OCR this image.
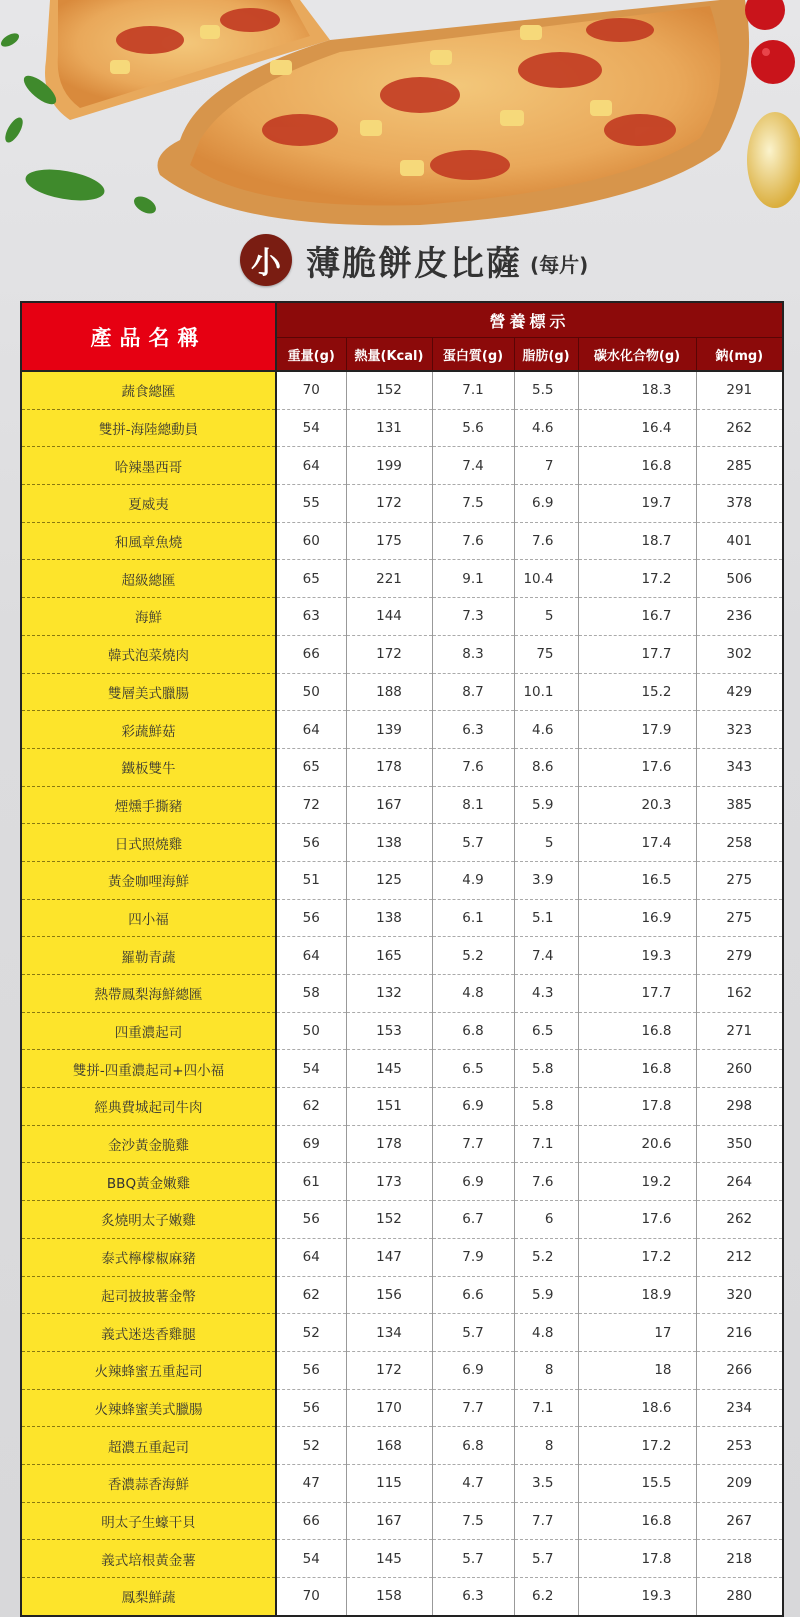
小 薄脆餅皮比薩 (每片)
產品名稱	營養標示					
	重量(g)	熱量(Kcal)	蛋白質(g)	脂肪(g)	碳水化合物(g)	鈉(mg)
蔬食總匯	70	152	7.1	5.5	18.3	291
雙拼-海陸總動員	54	131	5.6	4.6	16.4	262
哈辣墨西哥	64	199	7.4	7	16.8	285
夏威夷	55	172	7.5	6.9	19.7	378
和風章魚燒	60	175	7.6	7.6	18.7	401
超級總匯	65	221	9.1	10.4	17.2	506
海鮮	63	144	7.3	5	16.7	236
韓式泡菜燒肉	66	172	8.3	75	17.7	302
雙層美式臘腸	50	188	8.7	10.1	15.2	429
彩蔬鮮菇	64	139	6.3	4.6	17.9	323
鐵板雙牛	65	178	7.6	8.6	17.6	343
煙燻手撕豬	72	167	8.1	5.9	20.3	385
日式照燒雞	56	138	5.7	5	17.4	258
黃金咖哩海鮮	51	125	4.9	3.9	16.5	275
四小福	56	138	6.1	5.1	16.9	275
羅勒青蔬	64	165	5.2	7.4	19.3	279
熱帶鳳梨海鮮總匯	58	132	4.8	4.3	17.7	162
四重濃起司	50	153	6.8	6.5	16.8	271
雙拼-四重濃起司+四小福	54	145	6.5	5.8	16.8	260
經典費城起司牛肉	62	151	6.9	5.8	17.8	298
金沙黃金脆雞	69	178	7.7	7.1	20.6	350
BBQ黃金嫩雞	61	173	6.9	7.6	19.2	264
炙燒明太子嫩雞	56	152	6.7	6	17.6	262
泰式檸檬椒麻豬	64	147	7.9	5.2	17.2	212
起司披披薯金幣	62	156	6.6	5.9	18.9	320
義式迷迭香雞腿	52	134	5.7	4.8	17	216
火辣蜂蜜五重起司	56	172	6.9	8	18	266
火辣蜂蜜美式臘腸	56	170	7.7	7.1	18.6	234
超濃五重起司	52	168	6.8	8	17.2	253
香濃蒜香海鮮	47	115	4.7	3.5	15.5	209
明太子生蠔干貝	66	167	7.5	7.7	16.8	267
義式培根黃金薯	54	145	5.7	5.7	17.8	218
鳳梨鮮蔬	70	158	6.3	6.2	19.3	280
